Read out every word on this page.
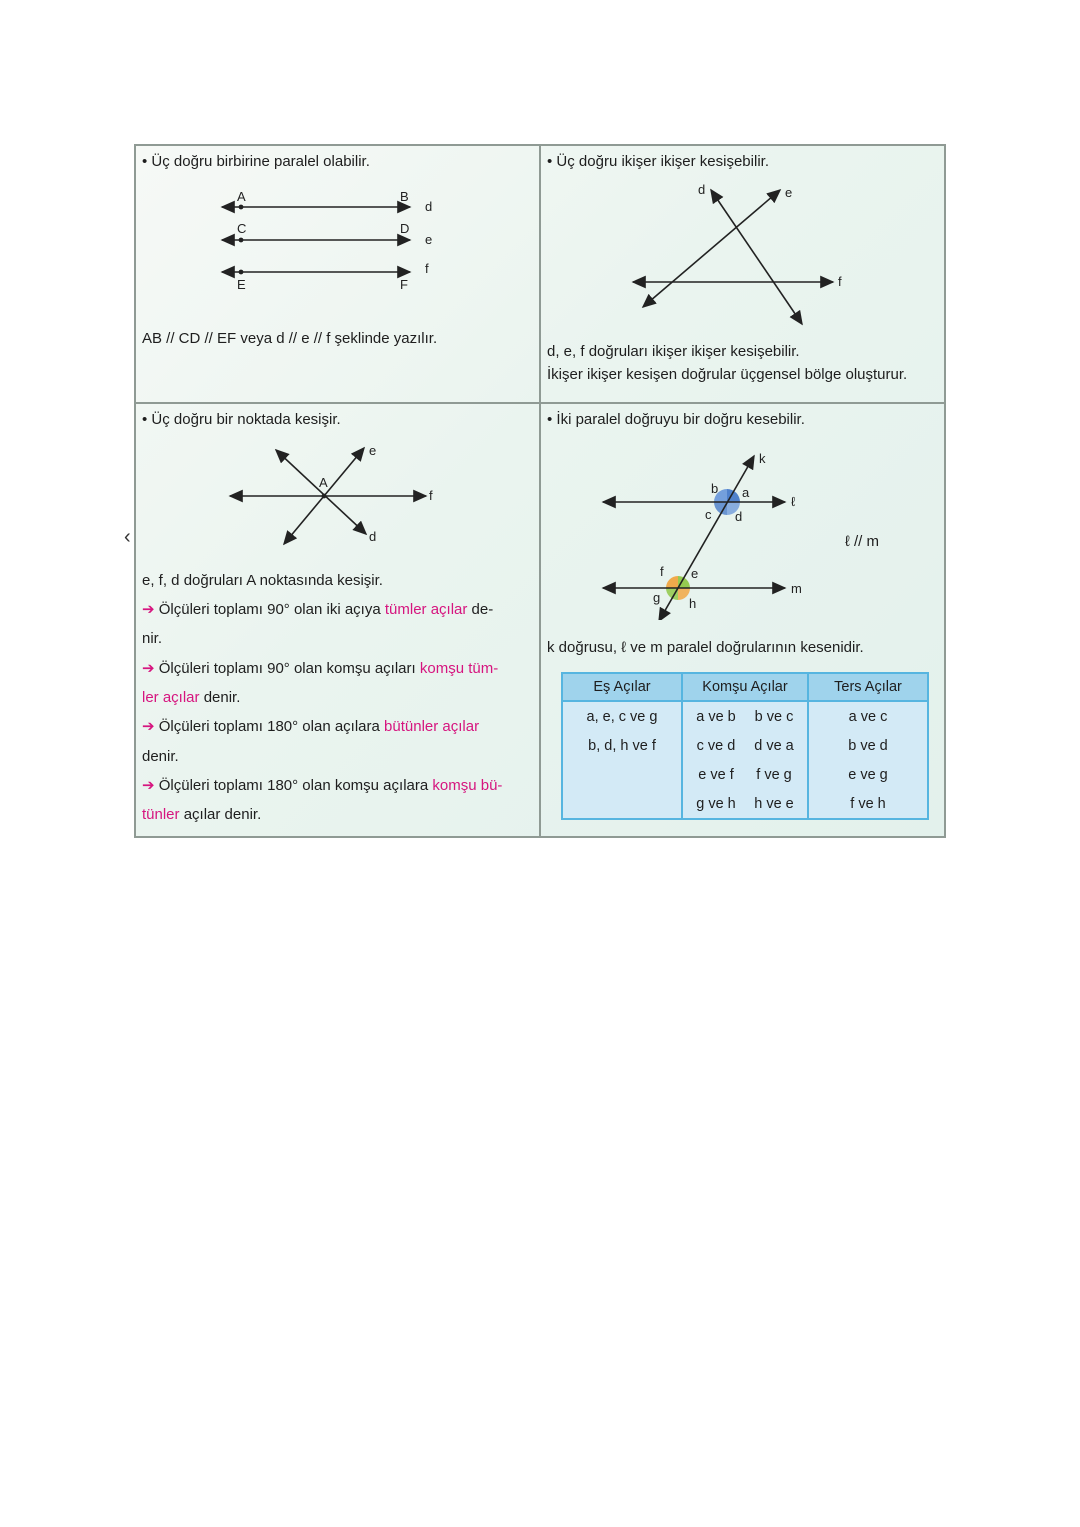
‹
• Üç doğru birbirine paralel olabilir.
A	B
d
C	D
e
f
E	F
AB // CD // EF veya d // e // f şeklinde yazılır.
• Üç doğru ikişer ikişer kesişebilir.
d	e
f
d, e, f doğruları ikişer ikişer kesişebilir.
İkişer ikişer kesişen doğrular üçgensel bölge oluşturur.
• Üç doğru bir noktada kesişir.
A
e
f
d
e, f, d doğruları A noktasında kesişir.
➔ Ölçüleri toplamı 90° olan iki açıya tümler açılar de-
nir.
➔ Ölçüleri toplamı 90° olan komşu açıları komşu tüm-
ler açılar denir.
➔ Ölçüleri toplamı 180° olan açılara bütünler açılar
denir.
➔ Ölçüleri toplamı 180° olan komşu açılara komşu bü-
tünler açılar denir.
• İki paralel doğruyu bir doğru kesebilir.
k
ℓ
m
b a
c d
f e
g h
ℓ // m
k doğrusu, ℓ ve m paralel doğrularının kesenidir.
Eş Açılar	Komşu Açılar	Ters Açılar
a, e, c ve g	a ve b b ve c	a ve c
b, d, h ve f	c ve d d ve a	b ve d
	e ve f f ve g	e ve g
	g ve h h ve e	f ve h
